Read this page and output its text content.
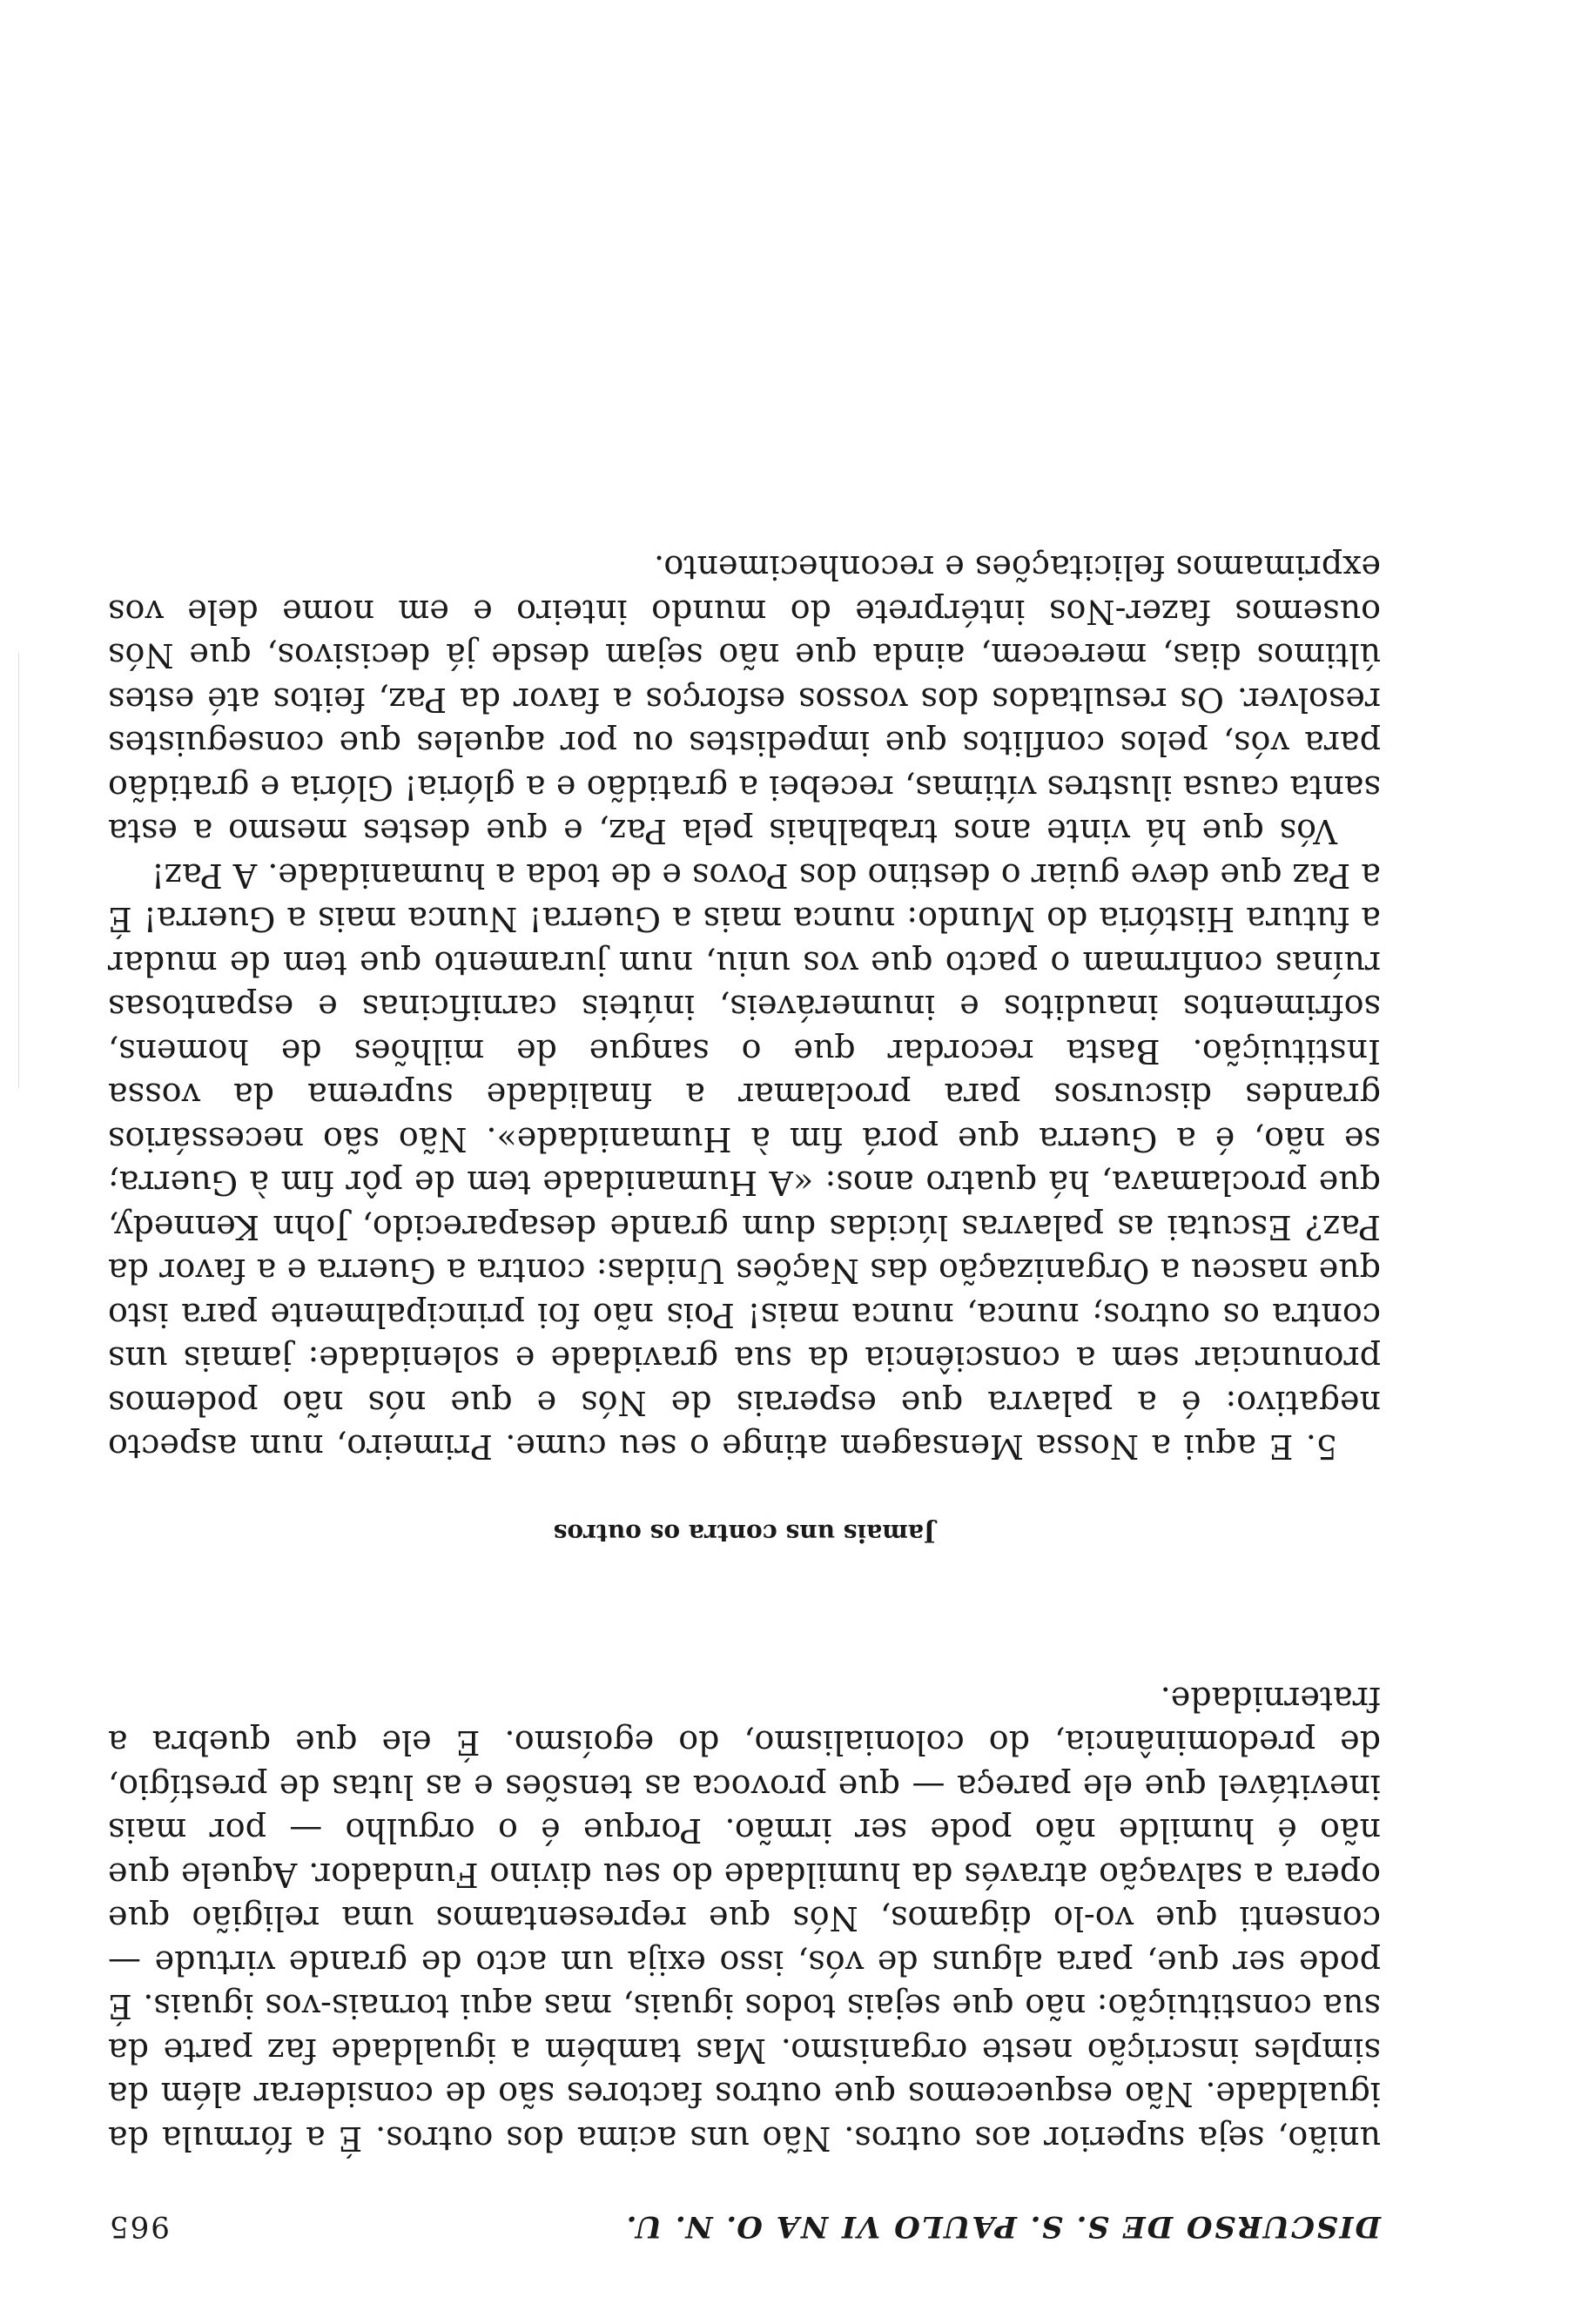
DISCURSO DE S. S. PAULO VI NA O. N. U.
965

união, seja superior aos outros. Não uns acima dos outros. É a fórmula da igualdade. Não esquecemos que outros factores são de considerar além da simples inscrição neste organismo. Mas também a igualdade faz parte da sua constituição: não que sejais todos iguais, mas aqui tornais-vos iguais. É pode ser que, para alguns de vós, isso exija um acto de grande virtude — consenti que vo-lo digamos, Nós que representamos uma religião que opera a salvação através da humildade do seu divino Fundador. Aquele que não é humilde não pode ser irmão. Porque é o orgulho — por mais inevitável que ele pareça — que provoca as tensões e as lutas de prestígio, de predominância, do colonialismo, do egoísmo. É ele que quebra a fraternidade.

Jamais uns contra os outros

5. E aqui a Nossa Mensagem atinge o seu cume. Primeiro, num aspecto negativo: é a palavra que esperais de Nós e que nós não podemos pronunciar sem a consciência da sua gravidade e solenidade: jamais uns contra os outros; nunca, nunca mais! Pois não foi principalmente para isto que nasceu a Organização das Nações Unidas: contra a Guerra e a favor da Paz? Escutai as palavras lúcidas dum grande desaparecido, John Kennedy, que proclamava, há quatro anos: «A Humanidade tem de pôr fim à Guerra; se não, é a Guerra que porá fim à Humanidade». Não são necessários grandes discursos para proclamar a finalidade suprema da vossa Instituição. Basta recordar que o sangue de milhões de homens, sofrimentos inauditos e inumeráveis, inúteis carnificinas e espantosas ruínas confirmam o pacto que vos uniu, num juramento que tem de mudar a futura História do Mundo: nunca mais a Guerra! Nunca mais a Guerra! É a Paz que deve guiar o destino dos Povos e de toda a humanidade. A Paz!

Vós que há vinte anos trabalhais pela Paz, e que destes mesmo a esta santa causa ilustres vítimas, recebei a gratidão e a glória! Glória e gratidão para vós, pelos conflitos que impedistes ou por aqueles que conseguistes resolver. Os resultados dos vossos esforços a favor da Paz, feitos até estes últimos dias, merecem, ainda que não sejam desde já decisivos, que Nós ousemos fazer-Nos intérprete do mundo inteiro e em nome dele vos exprimamos felicitações e reconhecimento.
